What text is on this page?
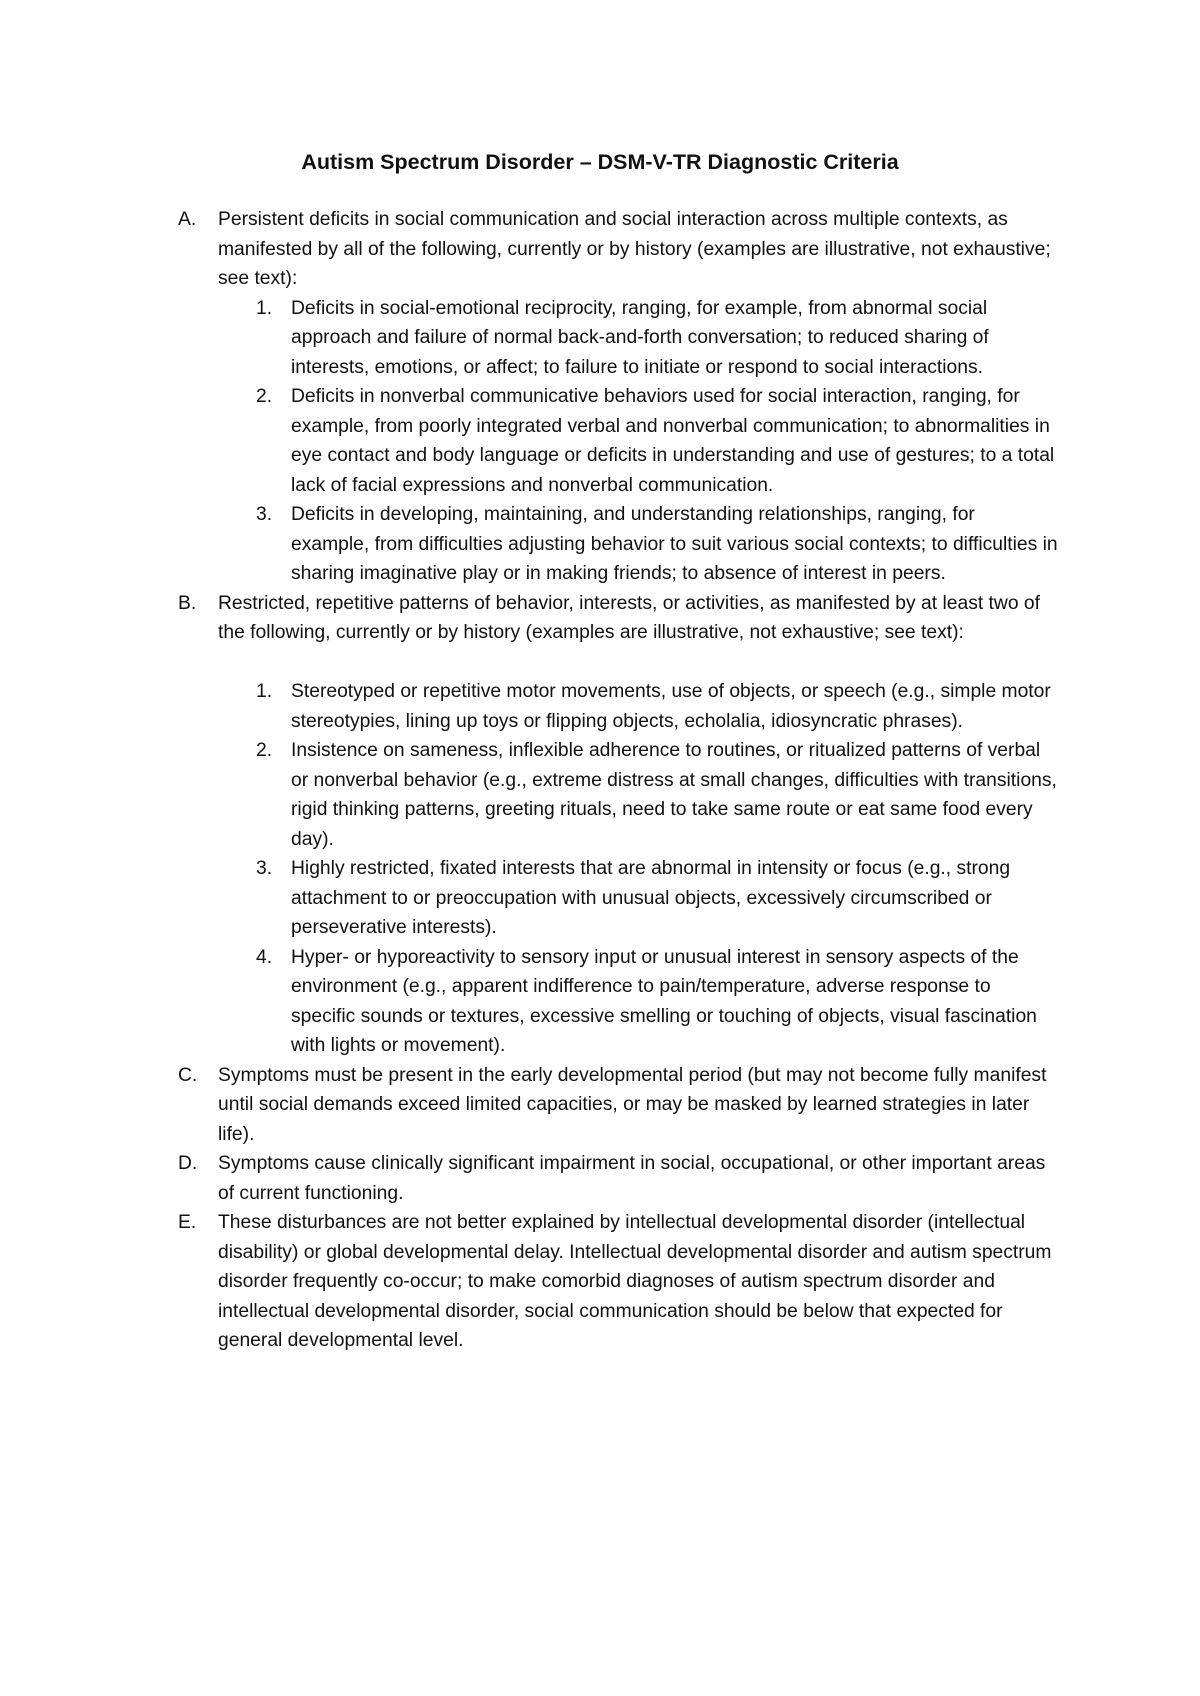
Autism Spectrum Disorder – DSM-V-TR Diagnostic Criteria
A. Persistent deficits in social communication and social interaction across multiple contexts, as manifested by all of the following, currently or by history (examples are illustrative, not exhaustive; see text):
1. Deficits in social-emotional reciprocity, ranging, for example, from abnormal social approach and failure of normal back-and-forth conversation; to reduced sharing of interests, emotions, or affect; to failure to initiate or respond to social interactions.
2. Deficits in nonverbal communicative behaviors used for social interaction, ranging, for example, from poorly integrated verbal and nonverbal communication; to abnormalities in eye contact and body language or deficits in understanding and use of gestures; to a total lack of facial expressions and nonverbal communication.
3. Deficits in developing, maintaining, and understanding relationships, ranging, for example, from difficulties adjusting behavior to suit various social contexts; to difficulties in sharing imaginative play or in making friends; to absence of interest in peers.
B. Restricted, repetitive patterns of behavior, interests, or activities, as manifested by at least two of the following, currently or by history (examples are illustrative, not exhaustive; see text):
1. Stereotyped or repetitive motor movements, use of objects, or speech (e.g., simple motor stereotypies, lining up toys or flipping objects, echolalia, idiosyncratic phrases).
2. Insistence on sameness, inflexible adherence to routines, or ritualized patterns of verbal or nonverbal behavior (e.g., extreme distress at small changes, difficulties with transitions, rigid thinking patterns, greeting rituals, need to take same route or eat same food every day).
3. Highly restricted, fixated interests that are abnormal in intensity or focus (e.g., strong attachment to or preoccupation with unusual objects, excessively circumscribed or perseverative interests).
4. Hyper- or hyporeactivity to sensory input or unusual interest in sensory aspects of the environment (e.g., apparent indifference to pain/temperature, adverse response to specific sounds or textures, excessive smelling or touching of objects, visual fascination with lights or movement).
C. Symptoms must be present in the early developmental period (but may not become fully manifest until social demands exceed limited capacities, or may be masked by learned strategies in later life).
D. Symptoms cause clinically significant impairment in social, occupational, or other important areas of current functioning.
E. These disturbances are not better explained by intellectual developmental disorder (intellectual disability) or global developmental delay. Intellectual developmental disorder and autism spectrum disorder frequently co-occur; to make comorbid diagnoses of autism spectrum disorder and intellectual developmental disorder, social communication should be below that expected for general developmental level.
